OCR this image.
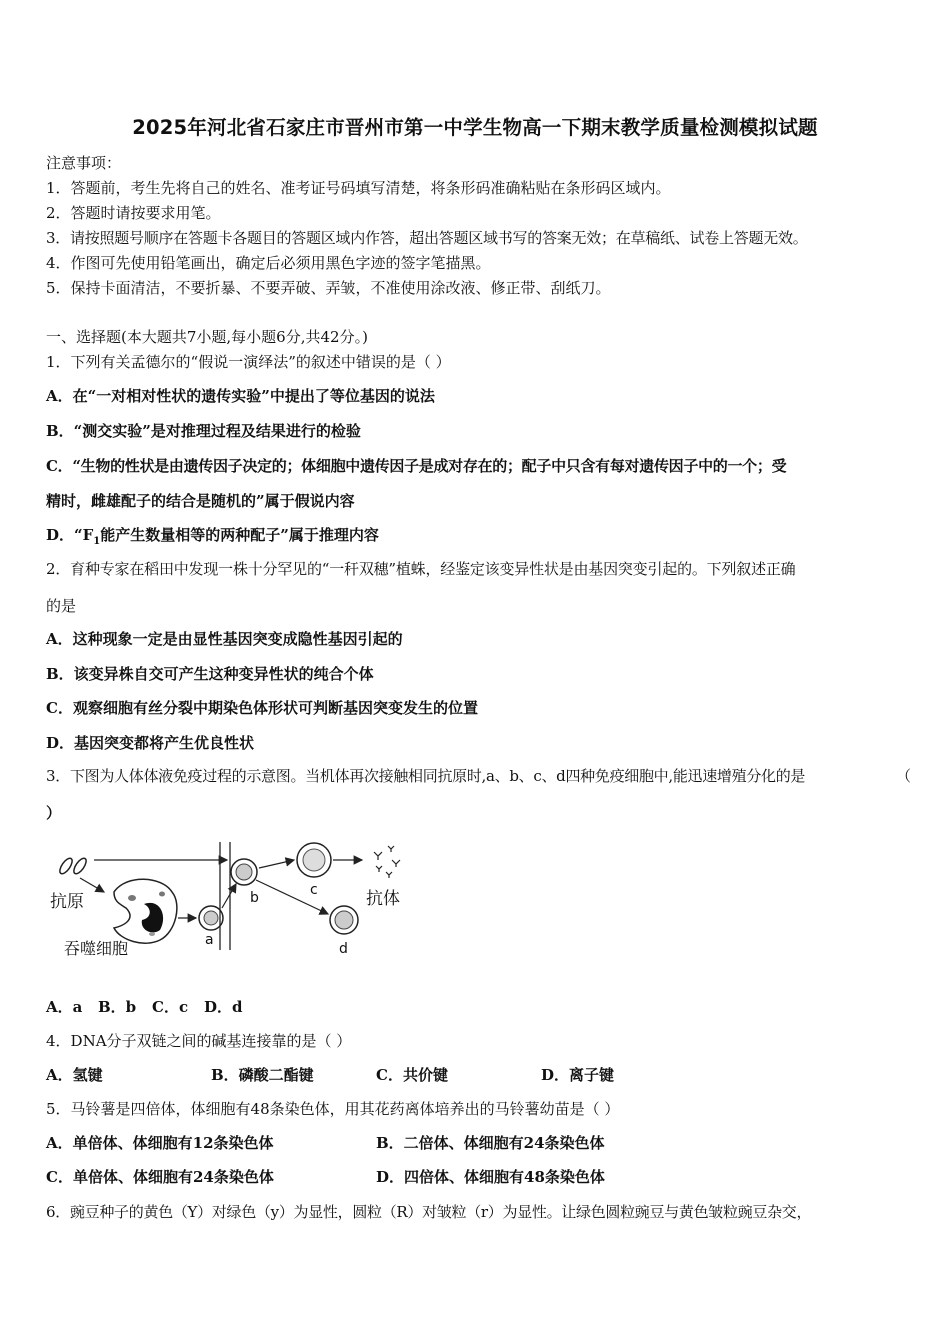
2025年河北省石家庄市晋州市第一中学生物高一下期末教学质量检测模拟试题
注意事项：
1．答题前，考生先将自己的姓名、准考证号码填写清楚，将条形码准确粘贴在条形码区域内。
2．答题时请按要求用笔。
3．请按照题号顺序在答题卡各题目的答题区域内作答，超出答题区域书写的答案无效；在草稿纸、试卷上答题无效。
4．作图可先使用铅笔画出，确定后必须用黑色字迹的签字笔描黑。
5．保持卡面清洁，不要折暴、不要弄破、弄皱，不准使用涂改液、修正带、刮纸刀。
一、选择题(本大题共7小题,每小题6分,共42分。)
1．下列有关孟德尔的“假说一演绎法”的叙述中错误的是（ ）
A．在“一对相对性状的遗传实验”中提出了等位基因的说法
B．“测交实验”是对推理过程及结果进行的检验
C．“生物的性状是由遗传因子决定的；体细胞中遗传因子是成对存在的；配子中只含有每对遗传因子中的一个；受
精时，雌雄配子的结合是随机的”属于假说内容
D．“$F_1$能产生数量相等的两种配子”属于推理内容
2．育种专家在稻田中发现一株十分罕见的“一秆双穗”植蛛，经鉴定该变异性状是由基因突变引起的。下列叙述正确
的是
A．这种现象一定是由显性基因突变成隐性基因引起的
B．该变异株自交可产生这种变异性状的纯合个体
C．观察细胞有丝分裂中期染色体形状可判断基因突变发生的位置
D．基因突变都将产生优良性状
3．下图为人体体液免疫过程的示意图。当机体再次接触相同抗原时,a、b、c、d四种免疫细胞中,能迅速增殖分化的是	（
）
抗原
吞噬细胞	a
b	c	抗体
d
A．a B．b C．c D．d
4．DNA分子双链之间的碱基连接靠的是（ ）
A．氢键	B．磷酸二酯键	C．共价键	D．离子键
5．马铃薯是四倍体，体细胞有48条染色体，用其花药离体培养出的马铃薯幼苗是（ ）
A．单倍体、体细胞有12条染色体	B．二倍体、体细胞有24条染色体
C．单倍体、体细胞有24条染色体	D．四倍体、体细胞有48条染色体
6．豌豆种子的黄色（Y）对绿色（y）为显性，圆粒（R）对皱粒（r）为显性。让绿色圆粒豌豆与黄色皱粒豌豆杂交，
